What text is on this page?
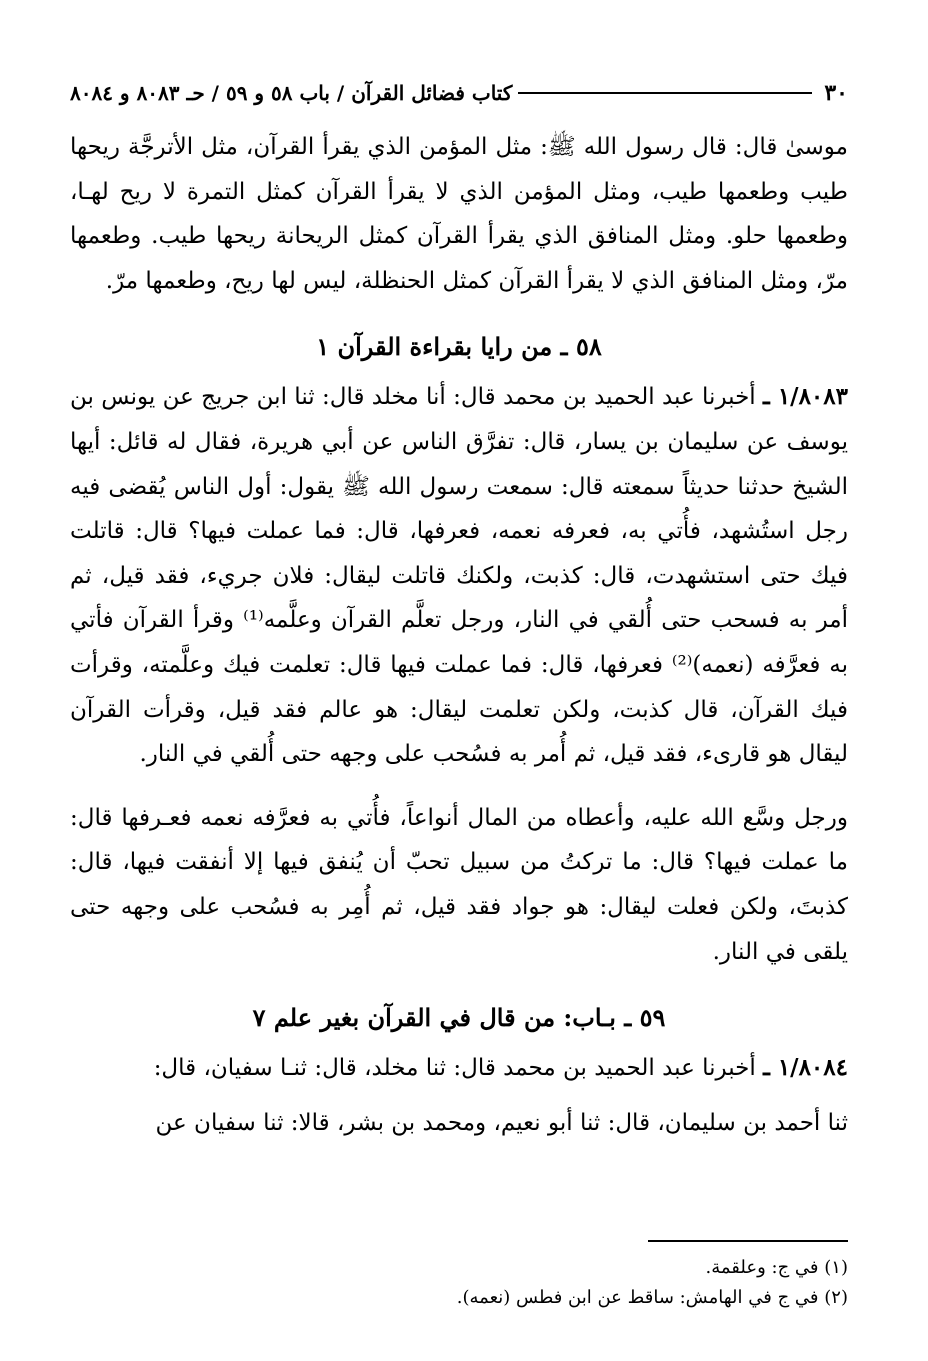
٣٠
كتاب فضائل القرآن / باب ٥٨ و ٥٩ / حـ ٨٠٨٣ و ٨٠٨٤

موسىٰ قال: قال رسول الله ﷺ: مثل المؤمن الذي يقرأ القرآن، مثل الأترجَّة ريحها طيب وطعمها طيب، ومثل المؤمن الذي لا يقرأ القرآن كمثل التمرة لا ريح لهـا، وطعمها حلو. ومثل المنافق الذي يقرأ القرآن كمثل الريحانة ريحها طيب. وطعمها مرّ، ومثل المنافق الذي لا يقرأ القرآن كمثل الحنظلة، ليس لها ريح، وطعمها مرّ.

٥٨ ـ من رايا بقراءة القرآن ١

١/٨٠٨٣ ـ أخبرنا عبد الحميد بن محمد قال: أنا مخلد قال: ثنا ابن جريج عن يونس بن يوسف عن سليمان بن يسار، قال: تفرَّق الناس عن أبي هريرة، فقال له قائل: أيها الشيخ حدثنا حديثاً سمعته قال: سمعت رسول الله ﷺ يقول: أول الناس يُقضى فيه رجل استُشهد، فأُتي به، فعرفه نعمه، فعرفها، قال: فما عملت فيها؟ قال: قاتلت فيك حتى استشهدت، قال: كذبت، ولكنك قاتلت ليقال: فلان جريء، فقد قيل، ثم أمر به فسحب حتى أُلقي في النار، ورجل تعلَّم القرآن وعلَّمه⁽¹⁾ وقرأ القرآن فأتي به فعرَّفه (نعمه)⁽²⁾ فعرفها، قال: فما عملت فيها قال: تعلمت فيك وعلَّمته، وقرأت فيك القرآن، قال كذبت، ولكن تعلمت ليقال: هو عالم فقد قيل، وقرأت القرآن ليقال هو قارىء، فقد قيل، ثم أُمر به فسُحب على وجهه حتى أُلقي في النار.

ورجل وسَّع الله عليه، وأعطاه من المال أنواعاً، فأُتي به فعرَّفه نعمه فعـرفها قال: ما عملت فيها؟ قال: ما تركتُ من سبيل تحبّ أن يُنفق فيها إلا أنفقت فيها، قال: كذبتَ، ولكن فعلت ليقال: هو جواد فقد قيل، ثم أُمِر به فسُحب على وجهه حتى يلقى في النار.

٥٩ ـ بـاب: من قال في القرآن بغير علم ٧

١/٨٠٨٤ ـ أخبرنا عبد الحميد بن محمد قال: ثنا مخلد، قال: ثنـا سفيان، قال:

ثنا أحمد بن سليمان، قال: ثنا أبو نعيم، ومحمد بن بشر، قالا: ثنا سفيان عن

(١) في ج: وعلقمة.
(٢) في ج في الهامش: ساقط عن ابن فطس (نعمه).
